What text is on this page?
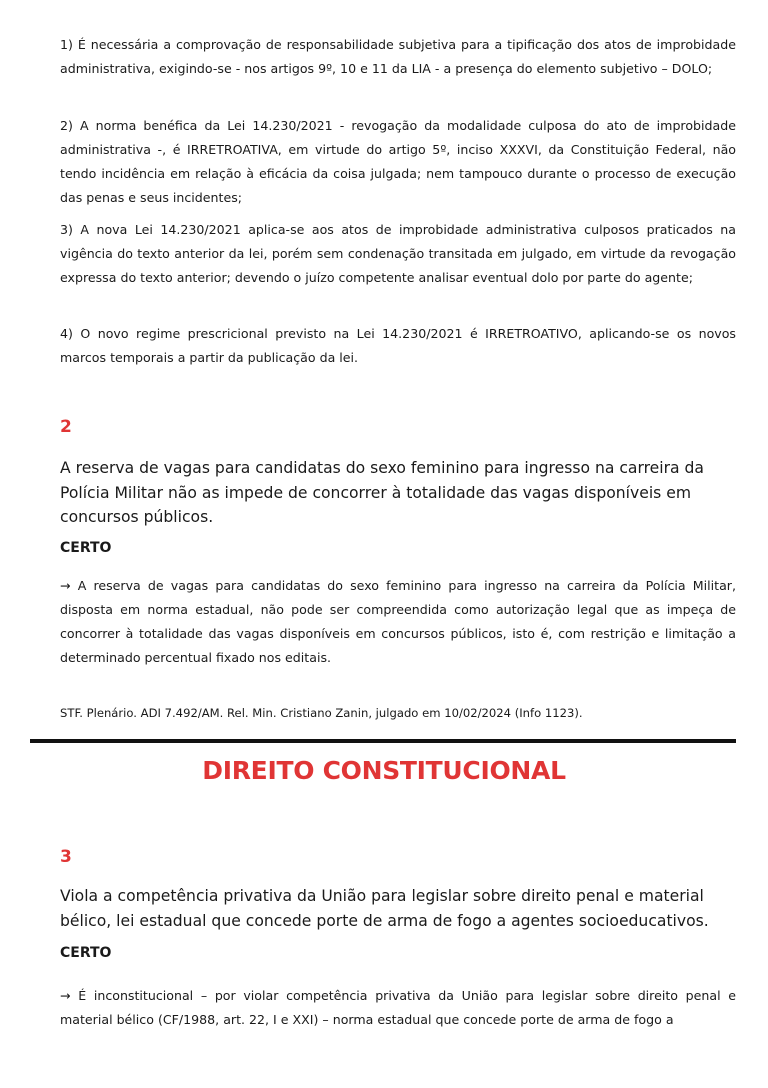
1) É necessária a comprovação de responsabilidade subjetiva para a tipificação dos atos de improbidade administrativa, exigindo-se - nos artigos 9º, 10 e 11 da LIA - a presença do elemento subjetivo – DOLO;

2) A norma benéfica da Lei 14.230/2021 - revogação da modalidade culposa do ato de improbidade administrativa -, é IRRETROATIVA, em virtude do artigo 5º, inciso XXXVI, da Constituição Federal, não tendo incidência em relação à eficácia da coisa julgada; nem tampouco durante o processo de execução das penas e seus incidentes;

3) A nova Lei 14.230/2021 aplica-se aos atos de improbidade administrativa culposos praticados na vigência do texto anterior da lei, porém sem condenação transitada em julgado, em virtude da revogação expressa do texto anterior; devendo o juízo competente analisar eventual dolo por parte do agente;

4) O novo regime prescricional previsto na Lei 14.230/2021 é IRRETROATIVO, aplicando-se os novos marcos temporais a partir da publicação da lei.

2

A reserva de vagas para candidatas do sexo feminino para ingresso na carreira da Polícia Militar não as impede de concorrer à totalidade das vagas disponíveis em concursos públicos.

CERTO

→ A reserva de vagas para candidatas do sexo feminino para ingresso na carreira da Polícia Militar, disposta em norma estadual, não pode ser compreendida como autorização legal que as impeça de concorrer à totalidade das vagas disponíveis em concursos públicos, isto é, com restrição e limitação a determinado percentual fixado nos editais.

STF. Plenário. ADI 7.492/AM. Rel. Min. Cristiano Zanin, julgado em 10/02/2024 (Info 1123).

DIREITO CONSTITUCIONAL
3

Viola a competência privativa da União para legislar sobre direito penal e material bélico, lei estadual que concede porte de arma de fogo a agentes socioeducativos.

CERTO

→ É inconstitucional – por violar competência privativa da União para legislar sobre direito penal e material bélico (CF/1988, art. 22, I e XXI) – norma estadual que concede porte de arma de fogo a
